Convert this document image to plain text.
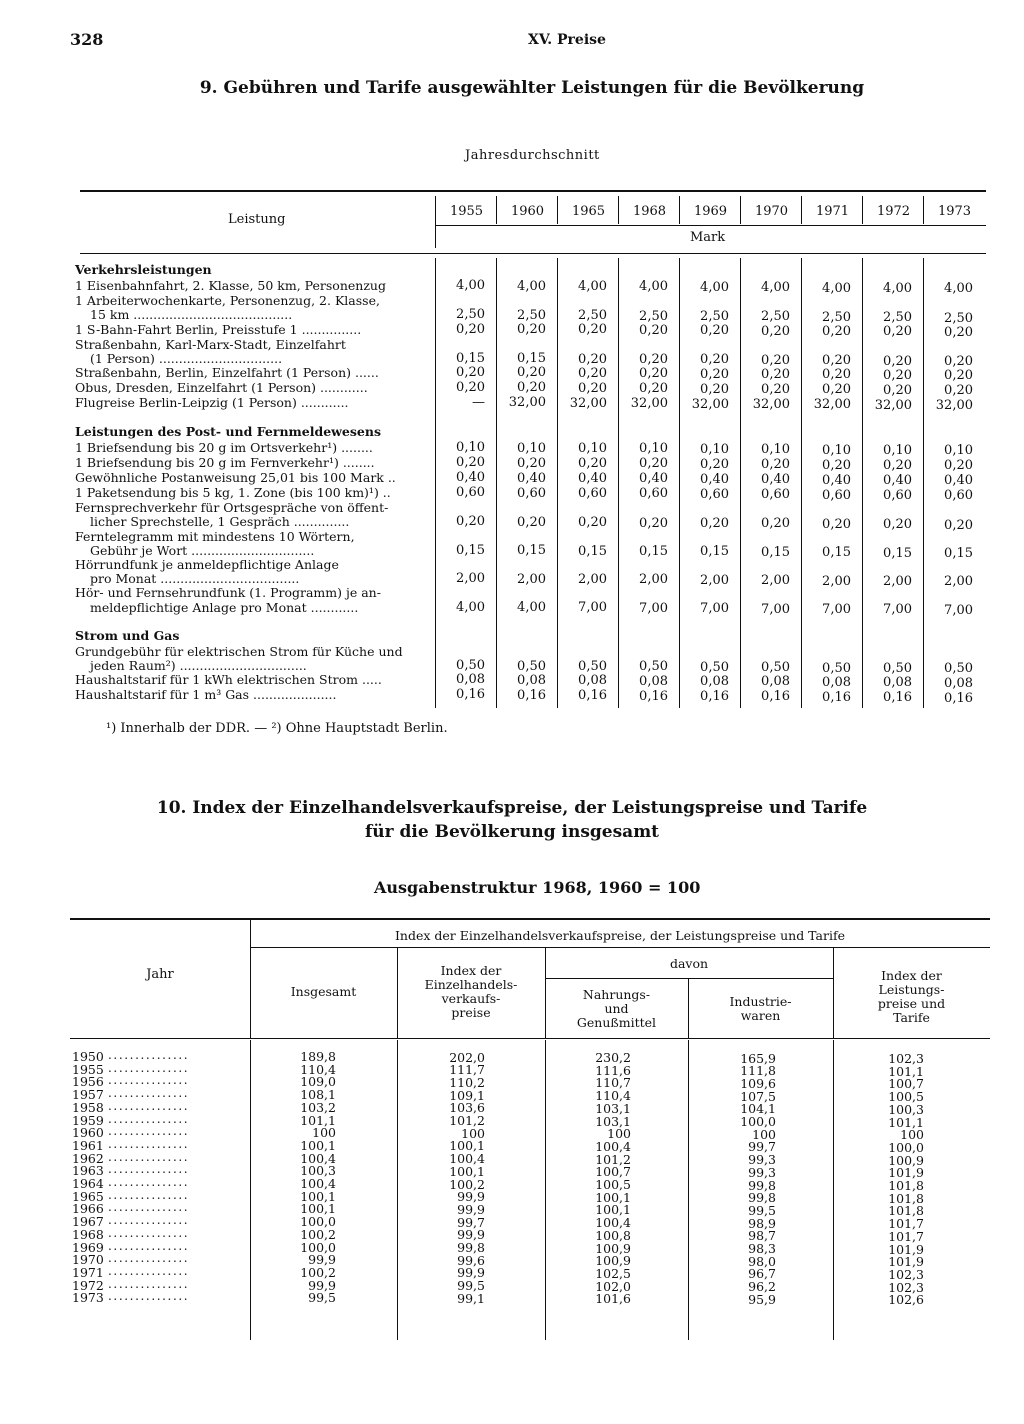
328	XV. Preise
9. Gebühren und Tarife ausgewählter Leistungen für die Bevölkerung
Jahresdurchschnitt
Leistung
Mark
1955	1960	1965	1968	1969	1970	1971	1972	1973
Verkehrsleistungen
1 Eisenbahnfahrt, 2. Klasse, 50 km, Personenzug	4,00	4,00	4,00	4,00	4,00	4,00	4,00	4,00	4,00
1 Arbeiterwochenkarte, Personenzug, 2. Klasse,
15 km ........................................	2,50	2,50	2,50	2,50	2,50	2,50	2,50	2,50	2,50
1 S-Bahn-Fahrt Berlin, Preisstufe 1 ...............	0,20	0,20	0,20	0,20	0,20	0,20	0,20	0,20	0,20
Straßenbahn, Karl-Marx-Stadt, Einzelfahrt
(1 Person) ...............................	0,15	0,15	0,20	0,20	0,20	0,20	0,20	0,20	0,20
Straßenbahn, Berlin, Einzelfahrt (1 Person) ......	0,20	0,20	0,20	0,20	0,20	0,20	0,20	0,20	0,20
Obus, Dresden, Einzelfahrt (1 Person) ............	0,20	0,20	0,20	0,20	0,20	0,20	0,20	0,20	0,20
Flugreise Berlin-Leipzig (1 Person) ............	—	32,00	32,00	32,00	32,00	32,00	32,00	32,00	32,00
Leistungen des Post- und Fernmeldewesens
1 Briefsendung bis 20 g im Ortsverkehr¹) ........	0,10	0,10	0,10	0,10	0,10	0,10	0,10	0,10	0,10
1 Briefsendung bis 20 g im Fernverkehr¹) ........	0,20	0,20	0,20	0,20	0,20	0,20	0,20	0,20	0,20
Gewöhnliche Postanweisung 25,01 bis 100 Mark ..	0,40	0,40	0,40	0,40	0,40	0,40	0,40	0,40	0,40
1 Paketsendung bis 5 kg, 1. Zone (bis 100 km)¹) ..	0,60	0,60	0,60	0,60	0,60	0,60	0,60	0,60	0,60
Fernsprechverkehr für Ortsgespräche von öffent-
licher Sprechstelle, 1 Gespräch ..............	0,20	0,20	0,20	0,20	0,20	0,20	0,20	0,20	0,20
Ferntelegramm mit mindestens 10 Wörtern,
Gebühr je Wort ...............................	0,15	0,15	0,15	0,15	0,15	0,15	0,15	0,15	0,15
Hörrundfunk je anmeldepflichtige Anlage
pro Monat ...................................	2,00	2,00	2,00	2,00	2,00	2,00	2,00	2,00	2,00
Hör- und Fernsehrundfunk (1. Programm) je an-
meldepflichtige Anlage pro Monat ............	4,00	4,00	7,00	7,00	7,00	7,00	7,00	7,00	7,00
Strom und Gas
Grundgebühr für elektrischen Strom für Küche und
jeden Raum²) ................................	0,50	0,50	0,50	0,50	0,50	0,50	0,50	0,50	0,50
Haushaltstarif für 1 kWh elektrischen Strom .....	0,08	0,08	0,08	0,08	0,08	0,08	0,08	0,08	0,08
Haushaltstarif für 1 m³ Gas .....................	0,16	0,16	0,16	0,16	0,16	0,16	0,16	0,16	0,16
¹) Innerhalb der DDR. — ²) Ohne Hauptstadt Berlin.
10. Index der Einzelhandelsverkaufspreise, der Leistungspreise und Tarife
für die Bevölkerung insgesamt
Ausgabenstruktur 1968, 1960 = 100
Jahr
Index der Einzelhandelsverkaufspreise, der Leistungspreise und Tarife
Insgesamt
Index der
Einzelhandels-
verkaufs-
preise
davon
Nahrungs-
und
Genußmittel
Industrie-
waren
Index der
Leistungs-
preise und
Tarife
1950 ...............	189,8	202,0	230,2	165,9	102,3
1955 ...............	110,4	111,7	111,6	111,8	101,1
1956 ...............	109,0	110,2	110,7	109,6	100,7
1957 ...............	108,1	109,1	110,4	107,5	100,5
1958 ...............	103,2	103,6	103,1	104,1	100,3
1959 ...............	101,1	101,2	103,1	100,0	101,1
1960 ...............	100	100	100	100	100
1961 ...............	100,1	100,1	100,4	99,7	100,0
1962 ...............	100,4	100,4	101,2	99,3	100,9
1963 ...............	100,3	100,1	100,7	99,3	101,9
1964 ...............	100,4	100,2	100,5	99,8	101,8
1965 ...............	100,1	99,9	100,1	99,8	101,8
1966 ...............	100,1	99,9	100,1	99,5	101,8
1967 ...............	100,0	99,7	100,4	98,9	101,7
1968 ...............	100,2	99,9	100,8	98,7	101,7
1969 ...............	100,0	99,8	100,9	98,3	101,9
1970 ...............	99,9	99,6	100,9	98,0	101,9
1971 ...............	100,2	99,9	102,5	96,7	102,3
1972 ...............	99,9	99,5	102,0	96,2	102,3
1973 ...............	99,5	99,1	101,6	95,9	102,6
